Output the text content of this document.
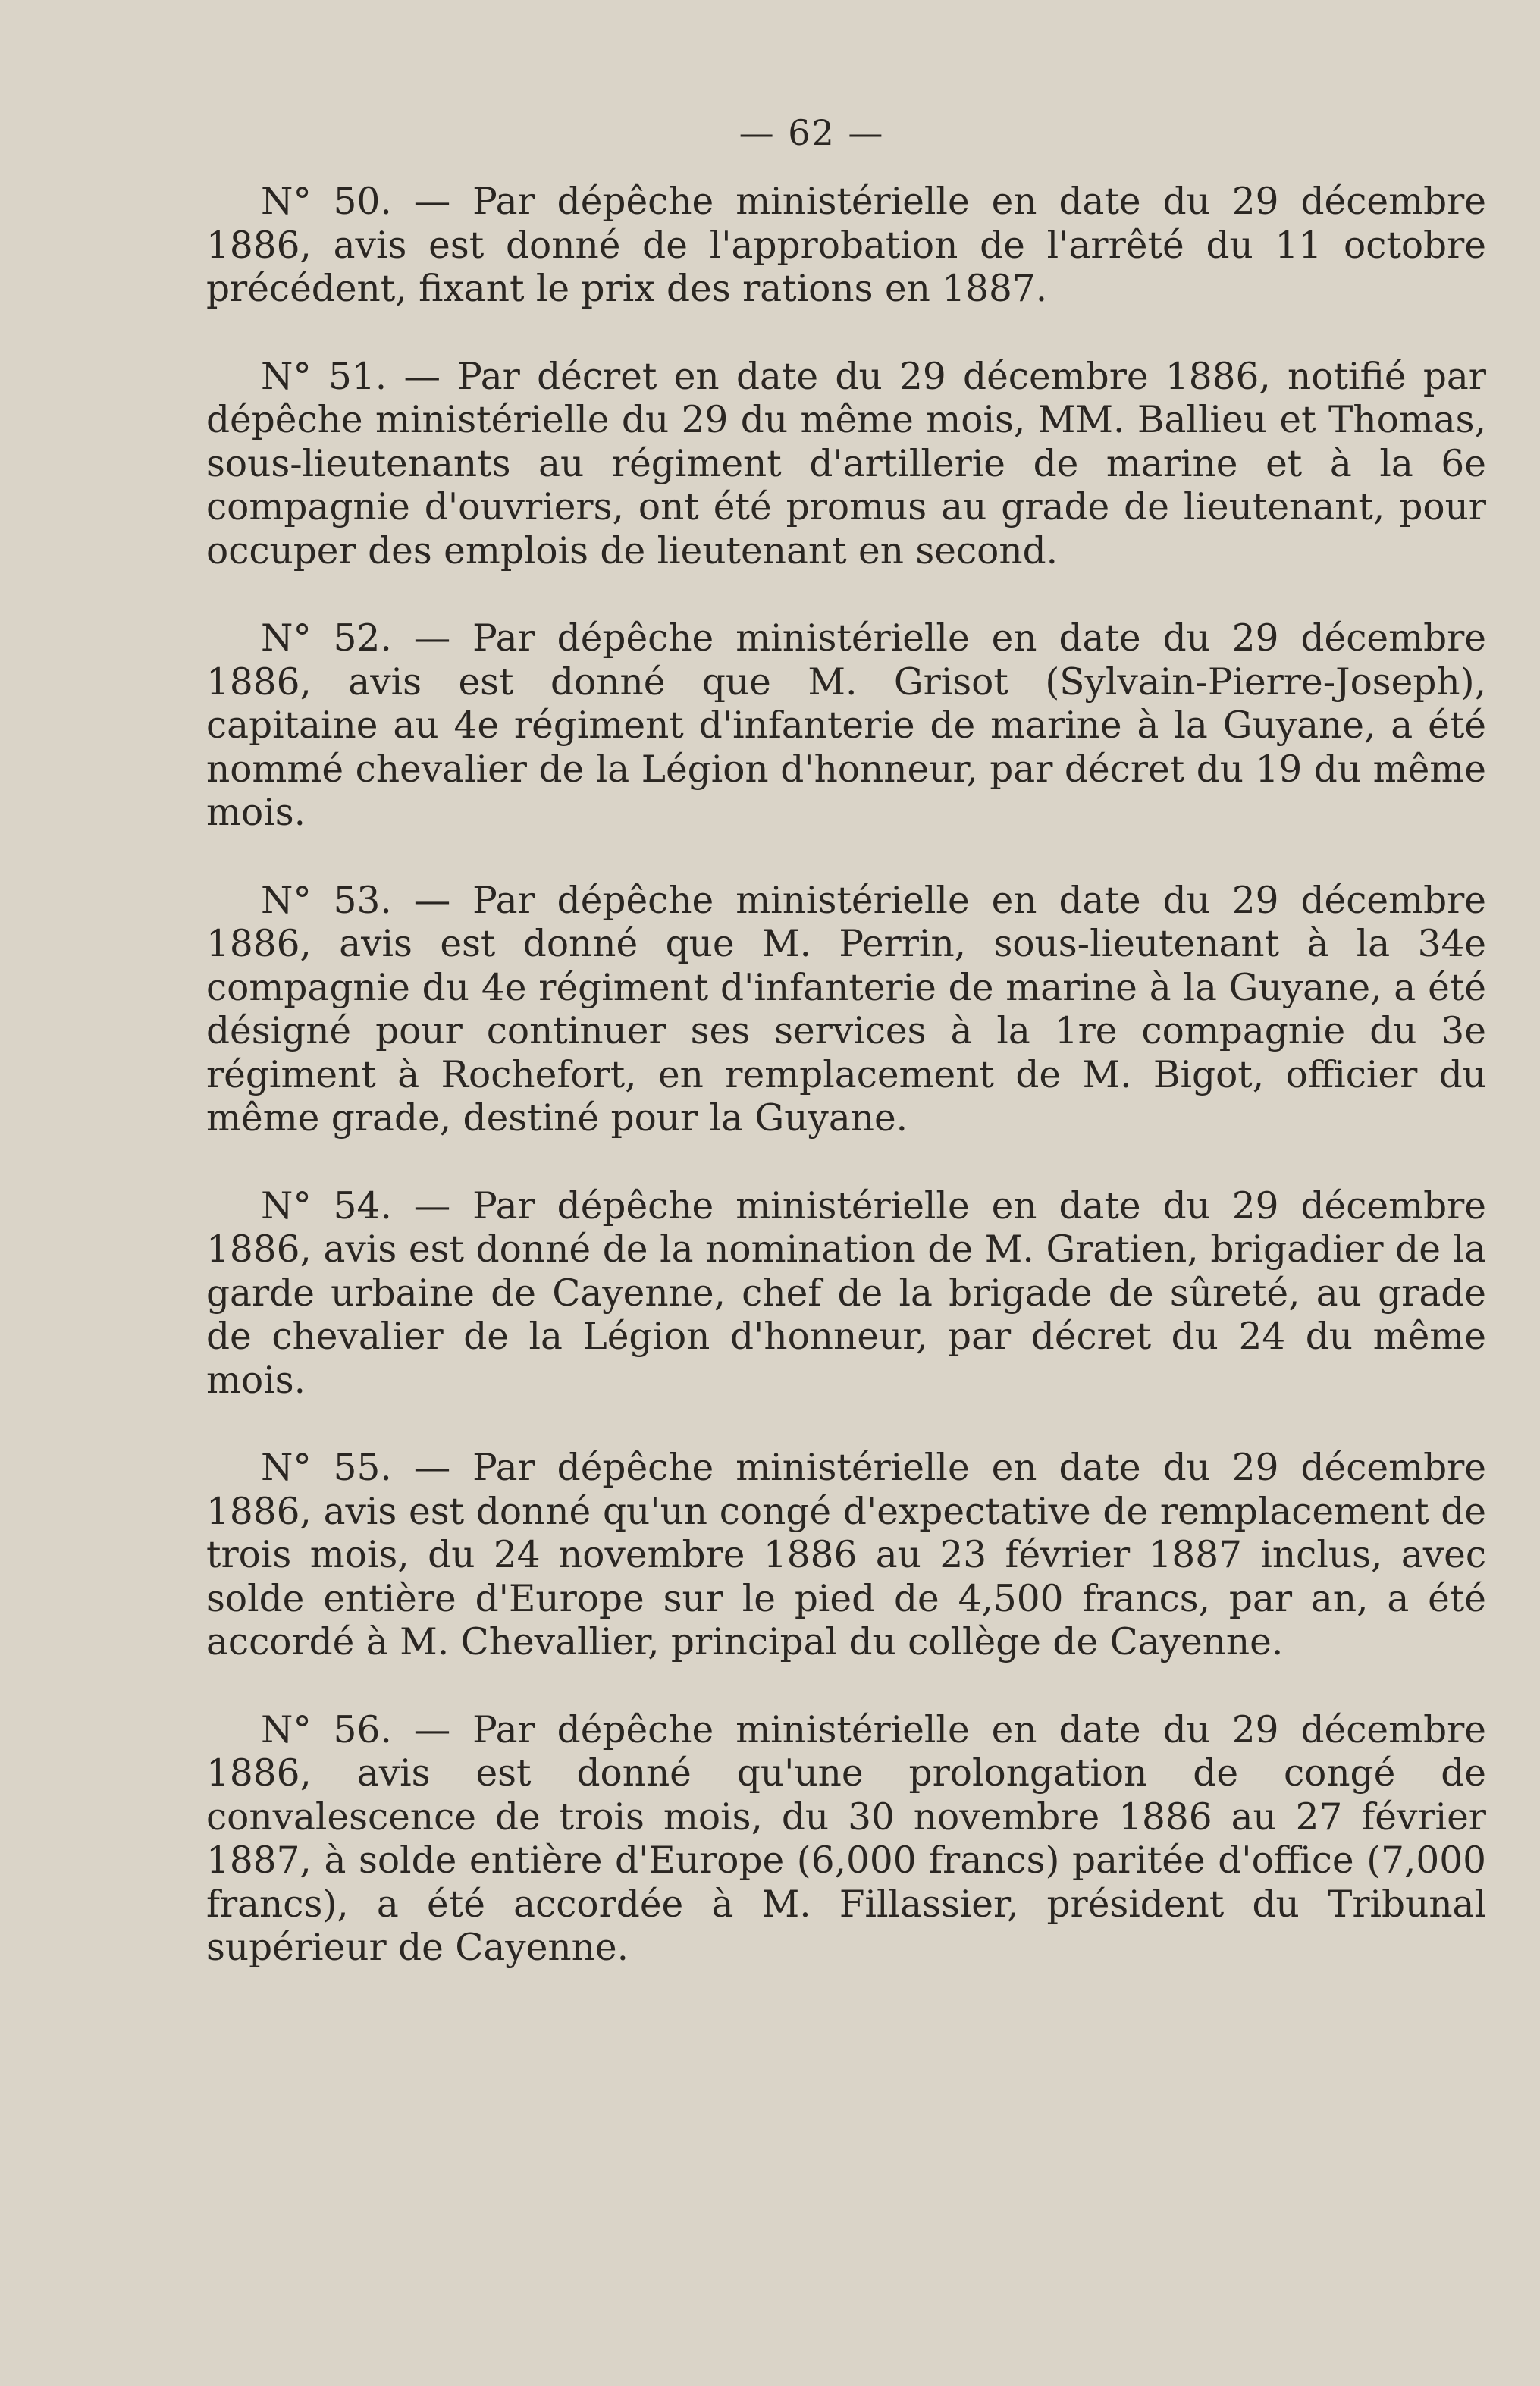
— 62 —

N° 50. — Par dépêche ministérielle en date du 29 décembre 1886, avis est donné de l'approbation de l'arrêté du 11 octobre précédent, fixant le prix des rations en 1887.

N° 51. — Par décret en date du 29 décembre 1886, notifié par dépêche ministérielle du 29 du même mois, MM. Ballieu et Thomas, sous-lieutenants au régiment d'artillerie de marine et à la 6e compagnie d'ouvriers, ont été promus au grade de lieutenant, pour occuper des emplois de lieutenant en second.

N° 52. — Par dépêche ministérielle en date du 29 décembre 1886, avis est donné que M. Grisot (Sylvain-Pierre-Joseph), capitaine au 4e régiment d'infanterie de marine à la Guyane, a été nommé chevalier de la Légion d'honneur, par décret du 19 du même mois.

N° 53. — Par dépêche ministérielle en date du 29 décembre 1886, avis est donné que M. Perrin, sous-lieutenant à la 34e compagnie du 4e régiment d'infanterie de marine à la Guyane, a été désigné pour continuer ses services à la 1re compagnie du 3e régiment à Rochefort, en remplacement de M. Bigot, officier du même grade, destiné pour la Guyane.

N° 54. — Par dépêche ministérielle en date du 29 décembre 1886, avis est donné de la nomination de M. Gratien, brigadier de la garde urbaine de Cayenne, chef de la brigade de sûreté, au grade de chevalier de la Légion d'honneur, par décret du 24 du même mois.

N° 55. — Par dépêche ministérielle en date du 29 décembre 1886, avis est donné qu'un congé d'expectative de remplacement de trois mois, du 24 novembre 1886 au 23 février 1887 inclus, avec solde entière d'Europe sur le pied de 4,500 francs, par an, a été accordé à M. Chevallier, principal du collège de Cayenne.

N° 56. — Par dépêche ministérielle en date du 29 décembre 1886, avis est donné qu'une prolongation de congé de convalescence de trois mois, du 30 novembre 1886 au 27 février 1887, à solde entière d'Europe (6,000 francs) paritée d'office (7,000 francs), a été accordée à M. Fillassier, président du Tribunal supérieur de Cayenne.
